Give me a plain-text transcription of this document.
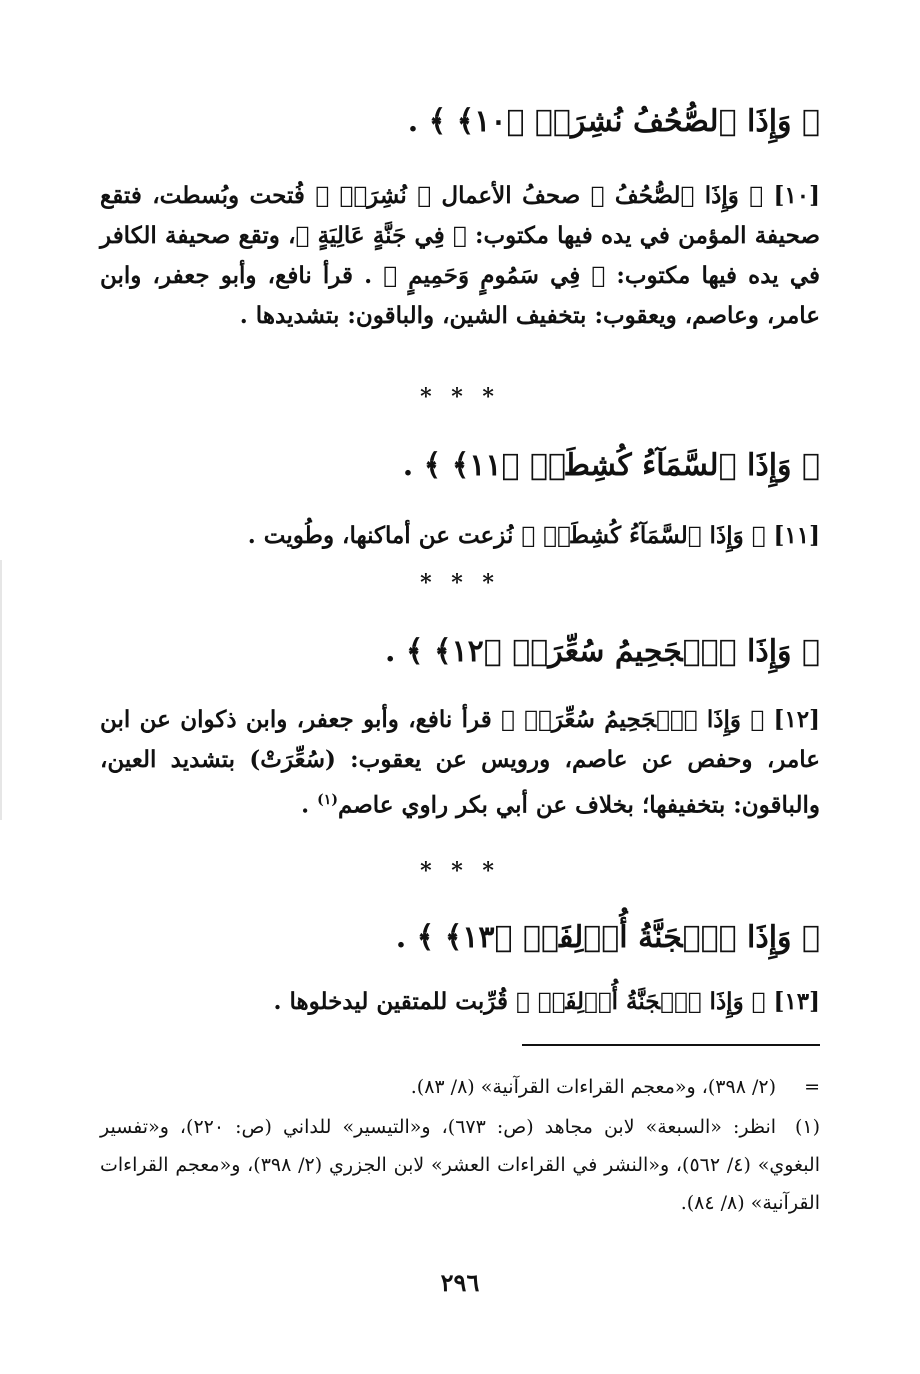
﴿ وَإِذَا ٱلصُّحُفُ نُشِرَتۡ ﴿١٠﴾ ﴾ .
[١٠] ﴿ وَإِذَا ٱلصُّحُفُ ﴾ صحفُ الأعمال ﴿ نُشِرَتۡ ﴾ فُتحت وبُسطت، فتقع صحيفة المؤمن في يده فيها مكتوب: ﴿ فِي جَنَّةٍ عَالِيَةٍ ﴾، وتقع صحيفة الكافر في يده فيها مكتوب: ﴿ فِي سَمُومٍ وَحَمِيمٍ ﴾ . قرأ نافع، وأبو جعفر، وابن عامر، وعاصم، ويعقوب: بتخفيف الشين، والباقون: بتشديدها .
* * *
﴿ وَإِذَا ٱلسَّمَآءُ كُشِطَتۡ ﴿١١﴾ ﴾ .
[١١] ﴿ وَإِذَا ٱلسَّمَآءُ كُشِطَتۡ ﴾ نُزعت عن أماكنها، وطُويت .
* * *
﴿ وَإِذَا ٱلۡجَحِيمُ سُعِّرَتۡ ﴿١٢﴾ ﴾ .
[١٢] ﴿ وَإِذَا ٱلۡجَحِيمُ سُعِّرَتۡ ﴾ قرأ نافع، وأبو جعفر، وابن ذكوان عن ابن عامر، وحفص عن عاصم، ورويس عن يعقوب: (سُعِّرَتْ) بتشديد العين، والباقون: بتخفيفها؛ بخلاف عن أبي بكر راوي عاصم$^{(١)}$ .
* * *
﴿ وَإِذَا ٱلۡجَنَّةُ أُزۡلِفَتۡ ﴿١٣﴾ ﴾ .
[١٣] ﴿ وَإِذَا ٱلۡجَنَّةُ أُزۡلِفَتۡ ﴾ قُرِّبت للمتقين ليدخلوها .
=(٢/ ٣٩٨)، و«معجم القراءات القرآنية» (٨/ ٨٣).
(١)انظر: «السبعة» لابن مجاهد (ص: ٦٧٣)، و«التيسير» للداني (ص: ٢٢٠)، و«تفسير البغوي» (٤/ ٥٦٢)، و«النشر في القراءات العشر» لابن الجزري (٢/ ٣٩٨)، و«معجم القراءات القرآنية» (٨/ ٨٤).
٢٩٦
